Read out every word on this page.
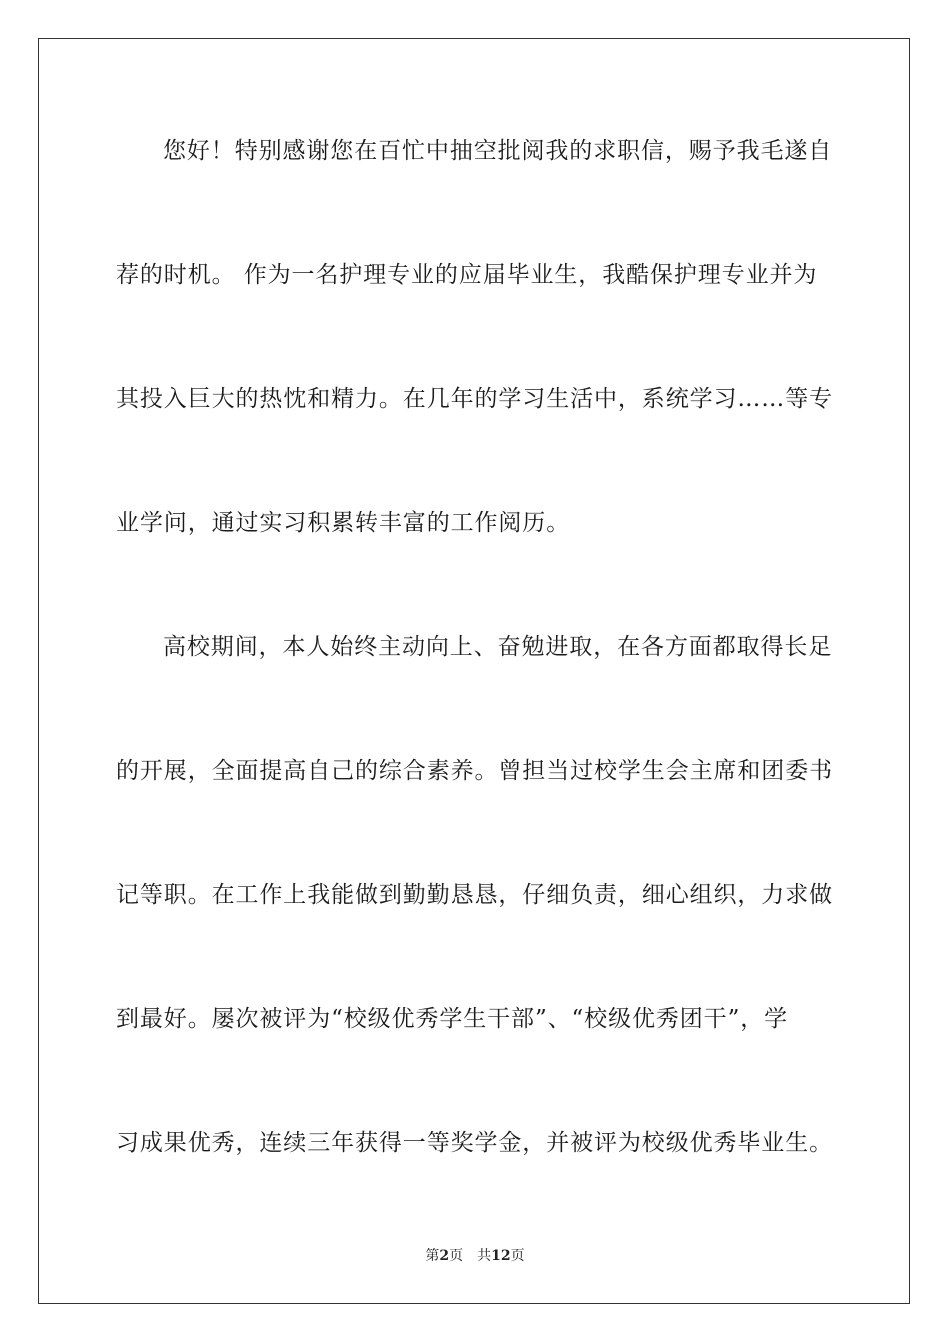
您好！特别感谢您在百忙中抽空批阅我的求职信，赐予我毛遂自
荐的时机。 作为一名护理专业的应届毕业生，我酷保护理专业并为
其投入巨大的热忱和精力。在几年的学习生活中，系统学习……等专
业学问，通过实习积累转丰富的工作阅历。
高校期间，本人始终主动向上、奋勉进取，在各方面都取得长足
的开展，全面提高自己的综合素养。曾担当过校学生会主席和团委书
记等职。在工作上我能做到勤勤恳恳，仔细负责，细心组织，力求做
到最好。屡次被评为“校级优秀学生干部”、“校级优秀团干”，学
习成果优秀，连续三年获得一等奖学金，并被评为校级优秀毕业生。
第2页　共12页
